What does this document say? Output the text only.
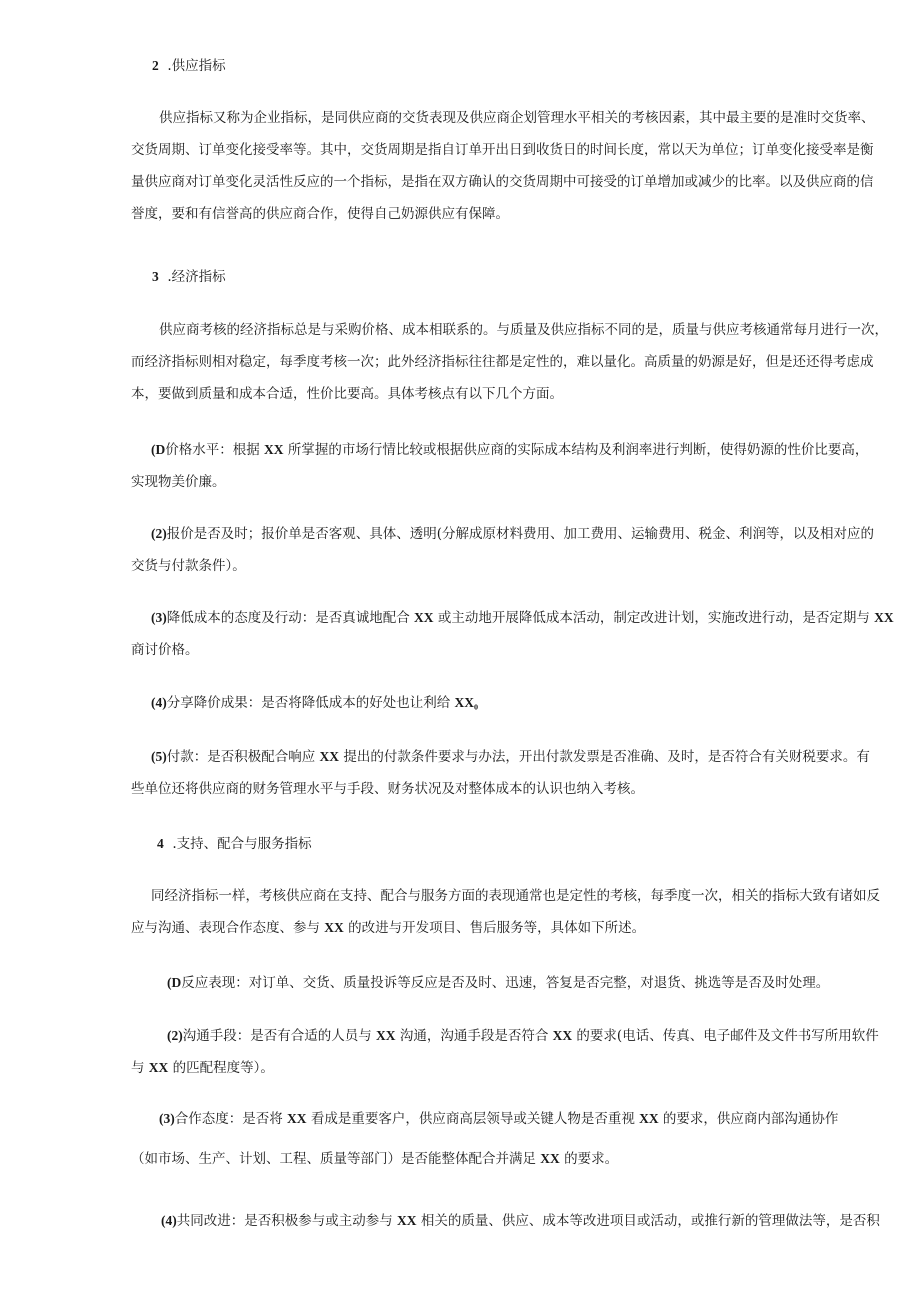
2 .供应指标
供应指标又称为企业指标，是同供应商的交货表现及供应商企划管理水平相关的考核因素，其中最主要的是准时交货率、
交货周期、订单变化接受率等。其中，交货周期是指自订单开出日到收货日的时间长度，常以天为单位；订单变化接受率是衡
量供应商对订单变化灵活性反应的一个指标，是指在双方确认的交货周期中可接受的订单增加或减少的比率。以及供应商的信
誉度，要和有信誉高的供应商合作，使得自己奶源供应有保障。
3 .经济指标
供应商考核的经济指标总是与采购价格、成本相联系的。与质量及供应指标不同的是，质量与供应考核通常每月进行一次，
而经济指标则相对稳定，每季度考核一次；此外经济指标往往都是定性的，难以量化。高质量的奶源是好，但是还还得考虑成
本，要做到质量和成本合适，性价比要高。具体考核点有以下几个方面。
(D价格水平：根据 XX 所掌握的市场行情比较或根据供应商的实际成本结构及利润率进行判断，使得奶源的性价比要高，
实现物美价廉。
(2)报价是否及时；报价单是否客观、具体、透明(分解成原材料费用、加工费用、运输费用、税金、利润等，以及相对应的
交货与付款条件）。
(3)降低成本的态度及行动：是否真诚地配合 XX 或主动地开展降低成本活动，制定改进计划，实施改进行动，是否定期与 XX
商讨价格。
(4)分享降价成果：是否将降低成本的好处也让利给 XX₀
(5)付款：是否积极配合响应 XX 提出的付款条件要求与办法，开出付款发票是否准确、及时，是否符合有关财税要求。有
些单位还将供应商的财务管理水平与手段、财务状况及对整体成本的认识也纳入考核。
4 .支持、配合与服务指标
同经济指标一样，考核供应商在支持、配合与服务方面的表现通常也是定性的考核，每季度一次，相关的指标大致有诸如反
应与沟通、表现合作态度、参与 XX 的改进与开发项目、售后服务等，具体如下所述。
(D反应表现：对订单、交货、质量投诉等反应是否及时、迅速，答复是否完整，对退货、挑选等是否及时处理。
(2)沟通手段：是否有合适的人员与 XX 沟通，沟通手段是否符合 XX 的要求(电话、传真、电子邮件及文件书写所用软件
与 XX 的匹配程度等）。
(3)合作态度：是否将 XX 看成是重要客户，供应商高层领导或关键人物是否重视 XX 的要求，供应商内部沟通协作
（如市场、生产、计划、工程、质量等部门）是否能整体配合并满足 XX 的要求。
(4)共同改进：是否积极参与或主动参与 XX 相关的质量、供应、成本等改进项目或活动，或推行新的管理做法等，是否积
